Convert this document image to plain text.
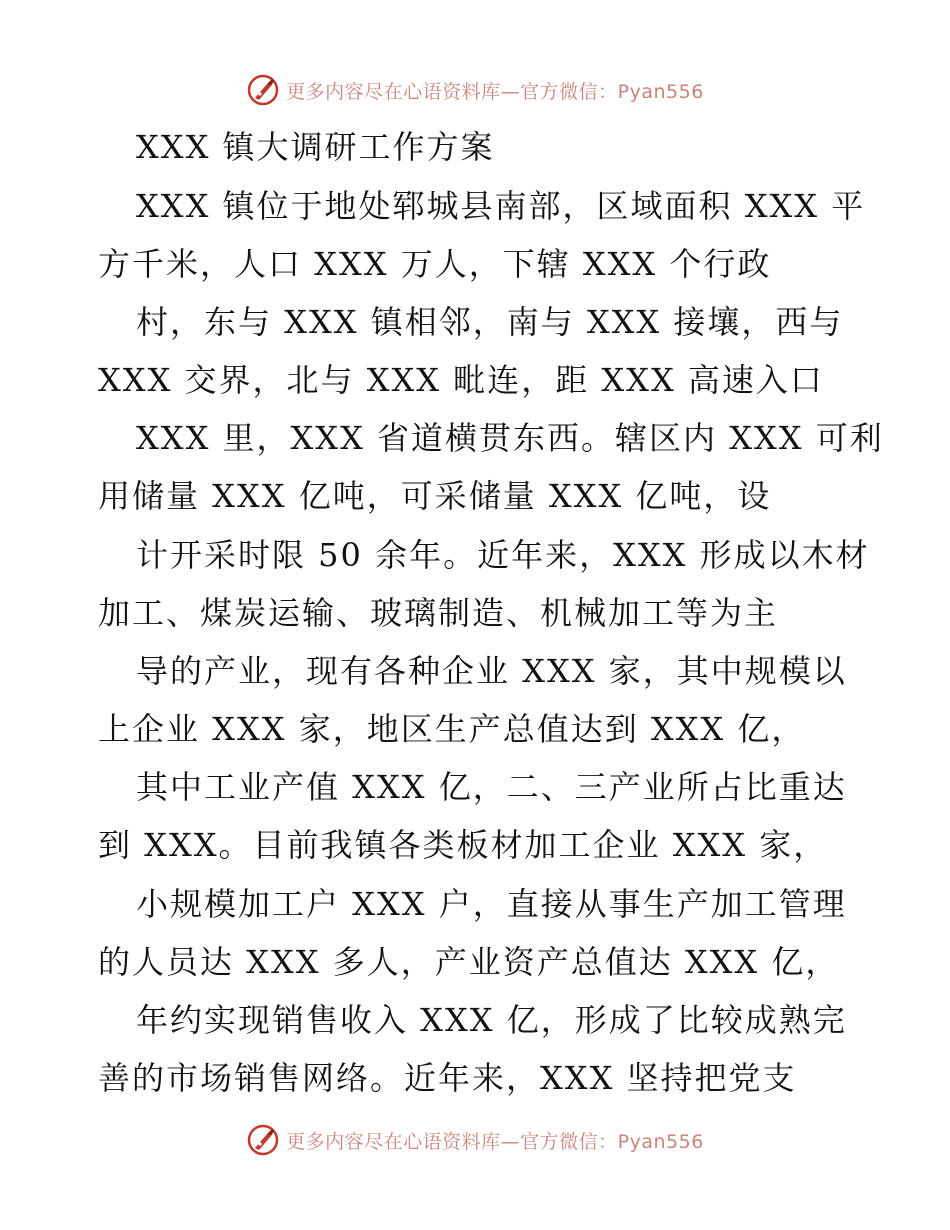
更多内容尽在心语资料库—官方微信：Pyan556
XXX 镇大调研工作方案
XXX 镇位于地处郓城县南部，区域面积 XXX 平
方千米，人口 XXX 万人，下辖 XXX 个行政
村，东与 XXX 镇相邻，南与 XXX 接壤，西与
XXX 交界，北与 XXX 毗连，距 XXX 高速入口
XXX 里，XXX 省道横贯东西。辖区内 XXX 可利
用储量 XXX 亿吨，可采储量 XXX 亿吨，设
计开采时限 50 余年。近年来，XXX 形成以木材
加工、煤炭运输、玻璃制造、机械加工等为主
导的产业，现有各种企业 XXX 家，其中规模以
上企业 XXX 家，地区生产总值达到 XXX 亿，
其中工业产值 XXX 亿，二、三产业所占比重达
到 XXX。目前我镇各类板材加工企业 XXX 家，
小规模加工户 XXX 户，直接从事生产加工管理
的人员达 XXX 多人，产业资产总值达 XXX 亿，
年约实现销售收入 XXX 亿，形成了比较成熟完
善的市场销售网络。近年来，XXX 坚持把党支
更多内容尽在心语资料库—官方微信：Pyan556
